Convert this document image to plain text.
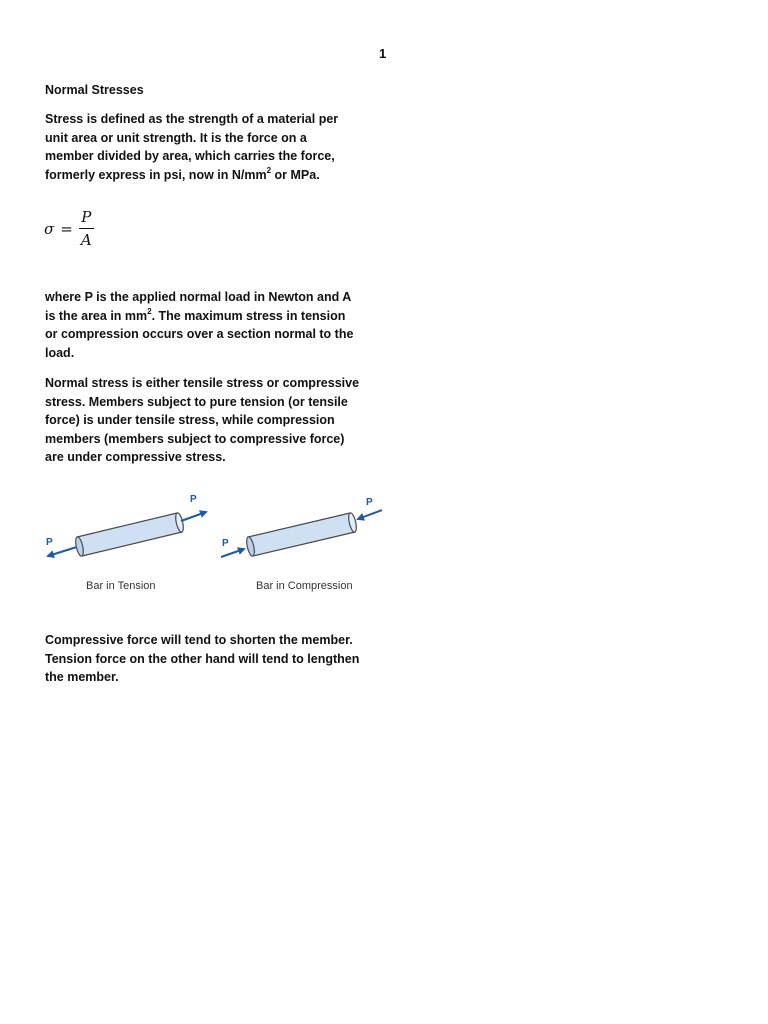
1
Normal Stresses
Stress is defined as the strength of a material per unit area or unit strength. It is the force on a member divided by area, which carries the force, formerly express in psi, now in $N/mm^2$ or MPa.
$\sigma = \frac{P}{A}$
where P is the applied normal load in Newton and A is the area in $mm^2$. The maximum stress in tension or compression occurs over a section normal to the load.
Normal stress is either tensile stress or compressive stress. Members subject to pure tension (or tensile force) is under tensile stress, while compression members (members subject to compressive force) are under compressive stress.
P
P
Bar in Tension
P
P
Bar in Compression
Compressive force will tend to shorten the member. Tension force on the other hand will tend to lengthen the member.
